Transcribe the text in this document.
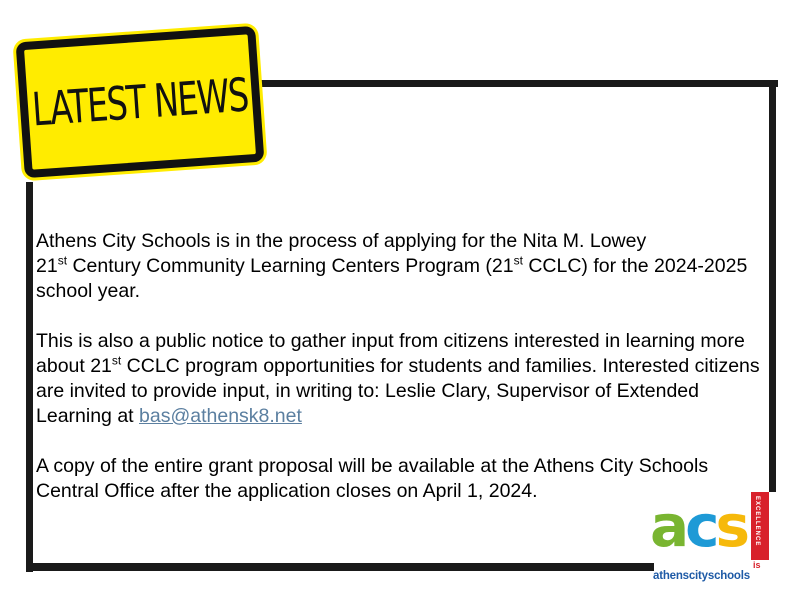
LATEST NEWS

Athens City Schools is in the process of applying for the Nita M. Lowey
21st Century Community Learning Centers Program (21st CCLC) for the 2024-2025 school year.

This is also a public notice to gather input from citizens interested in learning more about 21st CCLC program opportunities for students and families. Interested citizens are invited to provide input, in writing to: Leslie Clary, Supervisor of Extended Learning at bas@athensk8.net

A copy of the entire grant proposal will be available at the Athens City Schools Central Office after the application closes on April 1, 2024.

acs EXCELLENCE
is
athenscityschools
